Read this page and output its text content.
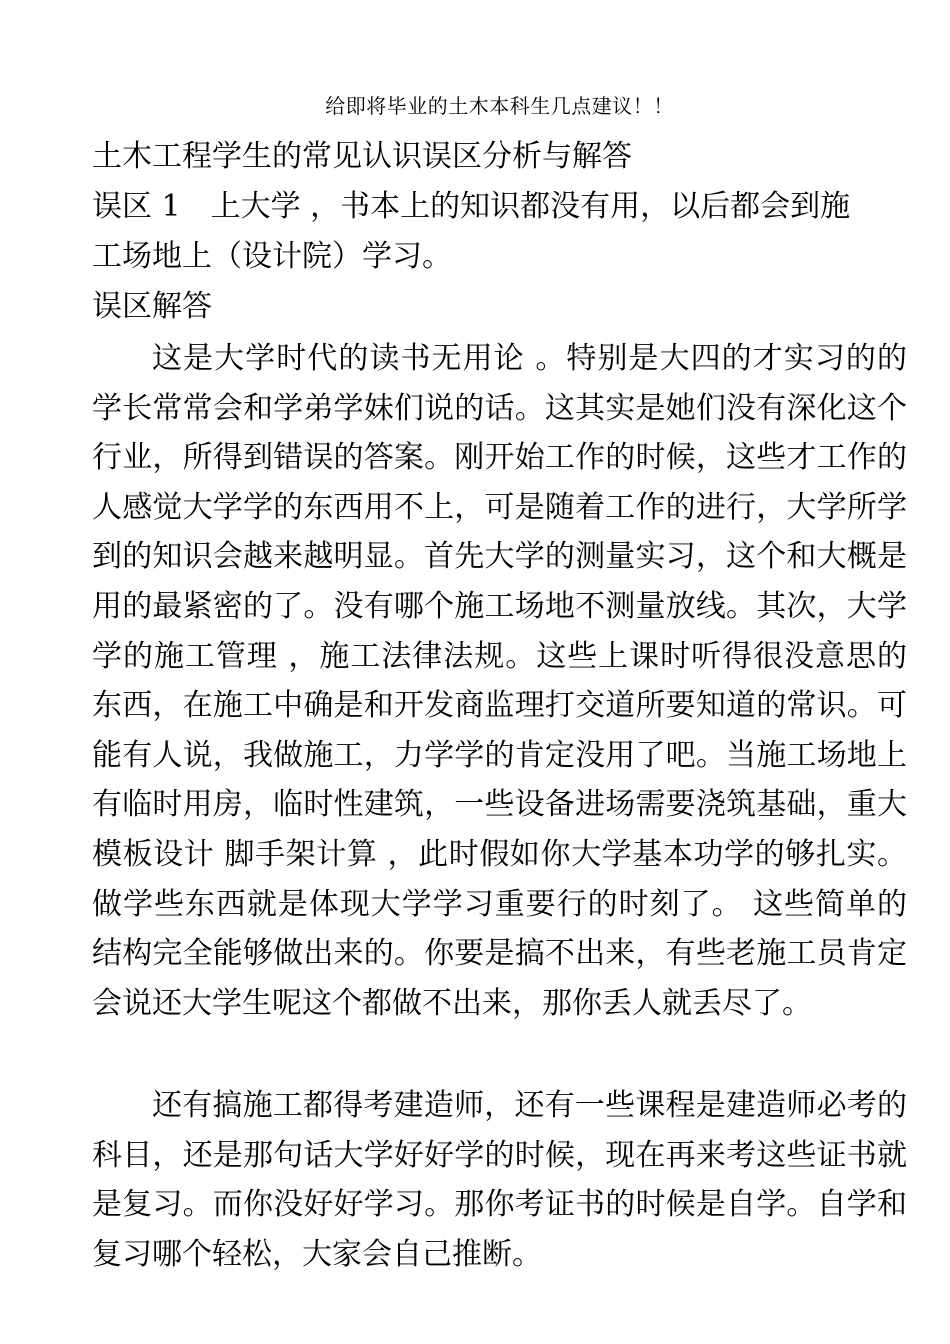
给即将毕业的土木本科生几点建议！！
土木工程学生的常见认识误区分析与解答
误区 1　上大学 ，书本上的知识都没有用，以后都会到施
工场地上（设计院）学习。
误区解答

这是大学时代的读书无用论 。特别是大四的才实习的的学长常常会和学弟学妹们说的话。这其实是她们没有深化这个行业，所得到错误的答案。刚开始工作的时候，这些才工作的人感觉大学学的东西用不上，可是随着工作的进行，大学所学到的知识会越来越明显。首先大学的测量实习，这个和大概是用的最紧密的了。没有哪个施工场地不测量放线。其次，大学学的施工管理 ，施工法律法规。这些上课时听得很没意思的东西，在施工中确是和开发商监理打交道所要知道的常识。可能有人说，我做施工，力学学的肯定没用了吧。当施工场地上有临时用房，临时性建筑，一些设备进场需要浇筑基础，重大模板设计 脚手架计算 ，此时假如你大学基本功学的够扎实。做学些东西就是体现大学学习重要行的时刻了。 这些简单的结构完全能够做出来的。你要是搞不出来，有些老施工员肯定会说还大学生呢这个都做不出来，那你丢人就丢尽了。

还有搞施工都得考建造师，还有一些课程是建造师必考的科目，还是那句话大学好好学的时候，现在再来考这些证书就是复习。而你没好好学习。那你考证书的时候是自学。自学和复习哪个轻松，大家会自己推断。
